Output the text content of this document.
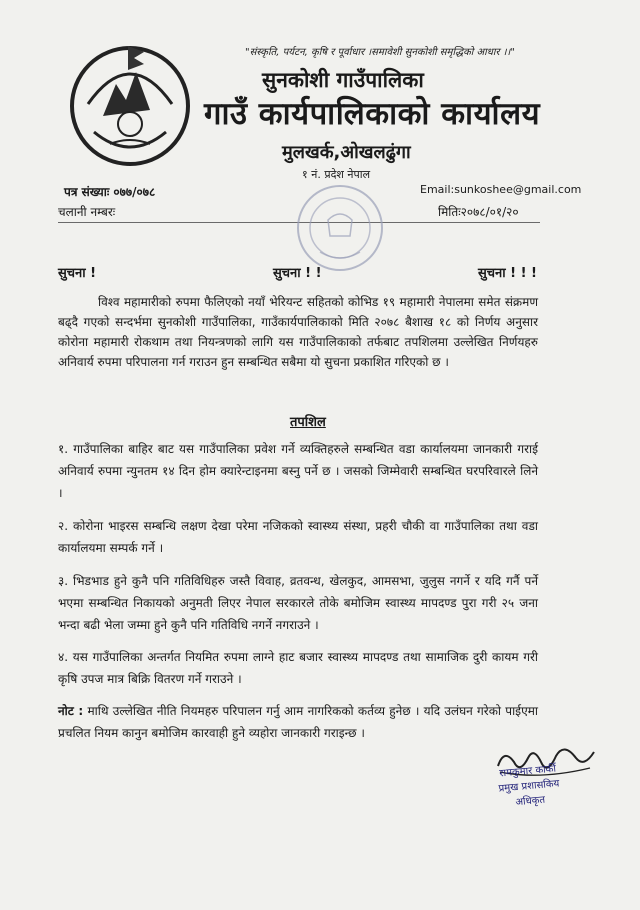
"संस्कृति, पर्यटन, कृषि र पूर्वाधार ।समावेशी सुनकोशी समृद्धिको आधार ।।"
सुनकोशी गाउँपालिका
गाउँ कार्यपालिकाको कार्यालय
मुलखर्क,ओखलढुंगा
१ नं. प्रदेश नेपाल
पत्र संख्याः ०७७/०७८	Email:sunkoshee@gmail.com
चलानी नम्बरः	मितिः२०७८/०१/२०
सुचना !	सुचना ! !	सुचना ! ! !
विश्व महामारीको रुपमा फैलिएको नयाँ भेरियन्ट सहितको कोभिड १९ महामारी नेपालमा समेत संक्रमण बढ्दै गएको सन्दर्भमा सुनकोशी गाउँपालिका, गाउँकार्यपालिकाको मिति २०७८ बैशाख १८ को निर्णय अनुसार कोरोना महामारी रोकथाम तथा नियन्त्रणको लागि यस गाउँपालिकाको तर्फबाट तपशिलमा उल्लेखित निर्णयहरु अनिवार्य रुपमा परिपालना गर्न गराउन हुन सम्बन्धित सबैमा यो सुचना प्रकाशित गरिएको छ ।
तपशिल
१. गाउँपालिका बाहिर बाट यस गाउँपालिका प्रवेश गर्ने व्यक्तिहरुले सम्बन्धित वडा कार्यालयमा जानकारी गराई अनिवार्य रुपमा न्युनतम १४ दिन होम क्यारेन्टाइनमा बस्नु पर्ने छ । जसको जिम्मेवारी सम्बन्धित घरपरिवारले लिने ।
२. कोरोना भाइरस सम्बन्धि लक्षण देखा परेमा नजिकको स्वास्थ्य संस्था, प्रहरी चौकी वा गाउँपालिका तथा वडा कार्यालयमा सम्पर्क गर्ने ।
३. भिडभाड हुने कुनै पनि गतिविधिहरु जस्तै विवाह, व्रतवन्ध, खेलकुद, आमसभा, जुलुस नगर्ने र यदि गर्नै पर्ने भएमा सम्बन्धित निकायको अनुमती लिएर नेपाल सरकारले तोके बमोजिम स्वास्थ्य मापदण्ड पुरा गरी २५ जना भन्दा बढी भेला जम्मा हुने कुनै पनि गतिविधि नगर्ने नगराउने ।
४. यस गाउँपालिका अन्तर्गत नियमित रुपमा लाग्ने हाट बजार स्वास्थ्य मापदण्ड तथा सामाजिक दुरी कायम गरी कृषि उपज मात्र बिक्रि वितरण गर्ने गराउने ।
नोट : माथि उल्लेखित नीति नियमहरु परिपालन गर्नु आम नागरिकको कर्तव्य हुनेछ । यदि उलंघन गरेको पाईएमा प्रचलित नियम कानुन बमोजिम कारवाही हुने व्यहोरा जानकारी गराइन्छ ।
रामकुमार कार्की
प्रमुख प्रशासकिय अधिकृत
